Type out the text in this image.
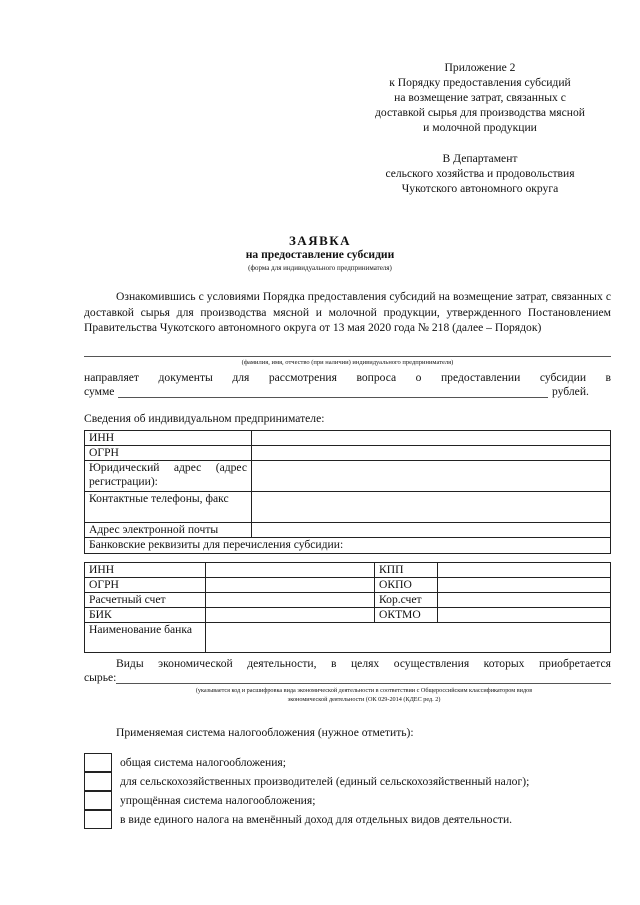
Приложение 2
к Порядку предоставления субсидий
на возмещение затрат, связанных с
доставкой сырья для производства мясной
и молочной продукции
В Департамент
сельского хозяйства и продовольствия
Чукотского автономного округа
ЗАЯВКА
на предоставление субсидии
(форма для индивидуального предпринимателя)
Ознакомившись с условиями Порядка предоставления субсидий на возмещение затрат, связанных с доставкой сырья для производства мясной и молочной продукции, утвержденного Постановлением Правительства Чукотского автономного округа от 13 мая 2020 года № 218 (далее – Порядок)
(фамилия, имя, отчество (при наличии) индивидуального предпринимателя)
направляет документы для рассмотрения вопроса о предоставлении субсидии в
сумме	рублей.
Сведения об индивидуальном предпринимателе:
ИНН	
ОГРН	
Юридический адрес (адрес регистрации):	
Контактные телефоны, факс	
Адрес электронной почты	
Банковские реквизиты для перечисления субсидии:	
ИНН		КПП	
ОГРН		ОКПО	
Расчетный счет		Кор.счет	
БИК		ОКТМО	
Наименование банка			
Виды экономической деятельности, в целях осуществления которых приобретается
сырье:
(указывается код и расшифровка вида экономической деятельности в соответствии с Общероссийским классификатором видов
экономической деятельности (ОК 029-2014 (КДЕС ред. 2)
Применяемая система налогообложения (нужное отметить):
общая система налогообложения;
для сельскохозяйственных производителей (единый сельскохозяйственный налог);
упрощённая система налогообложения;
в виде единого налога на вменённый доход для отдельных видов деятельности.
